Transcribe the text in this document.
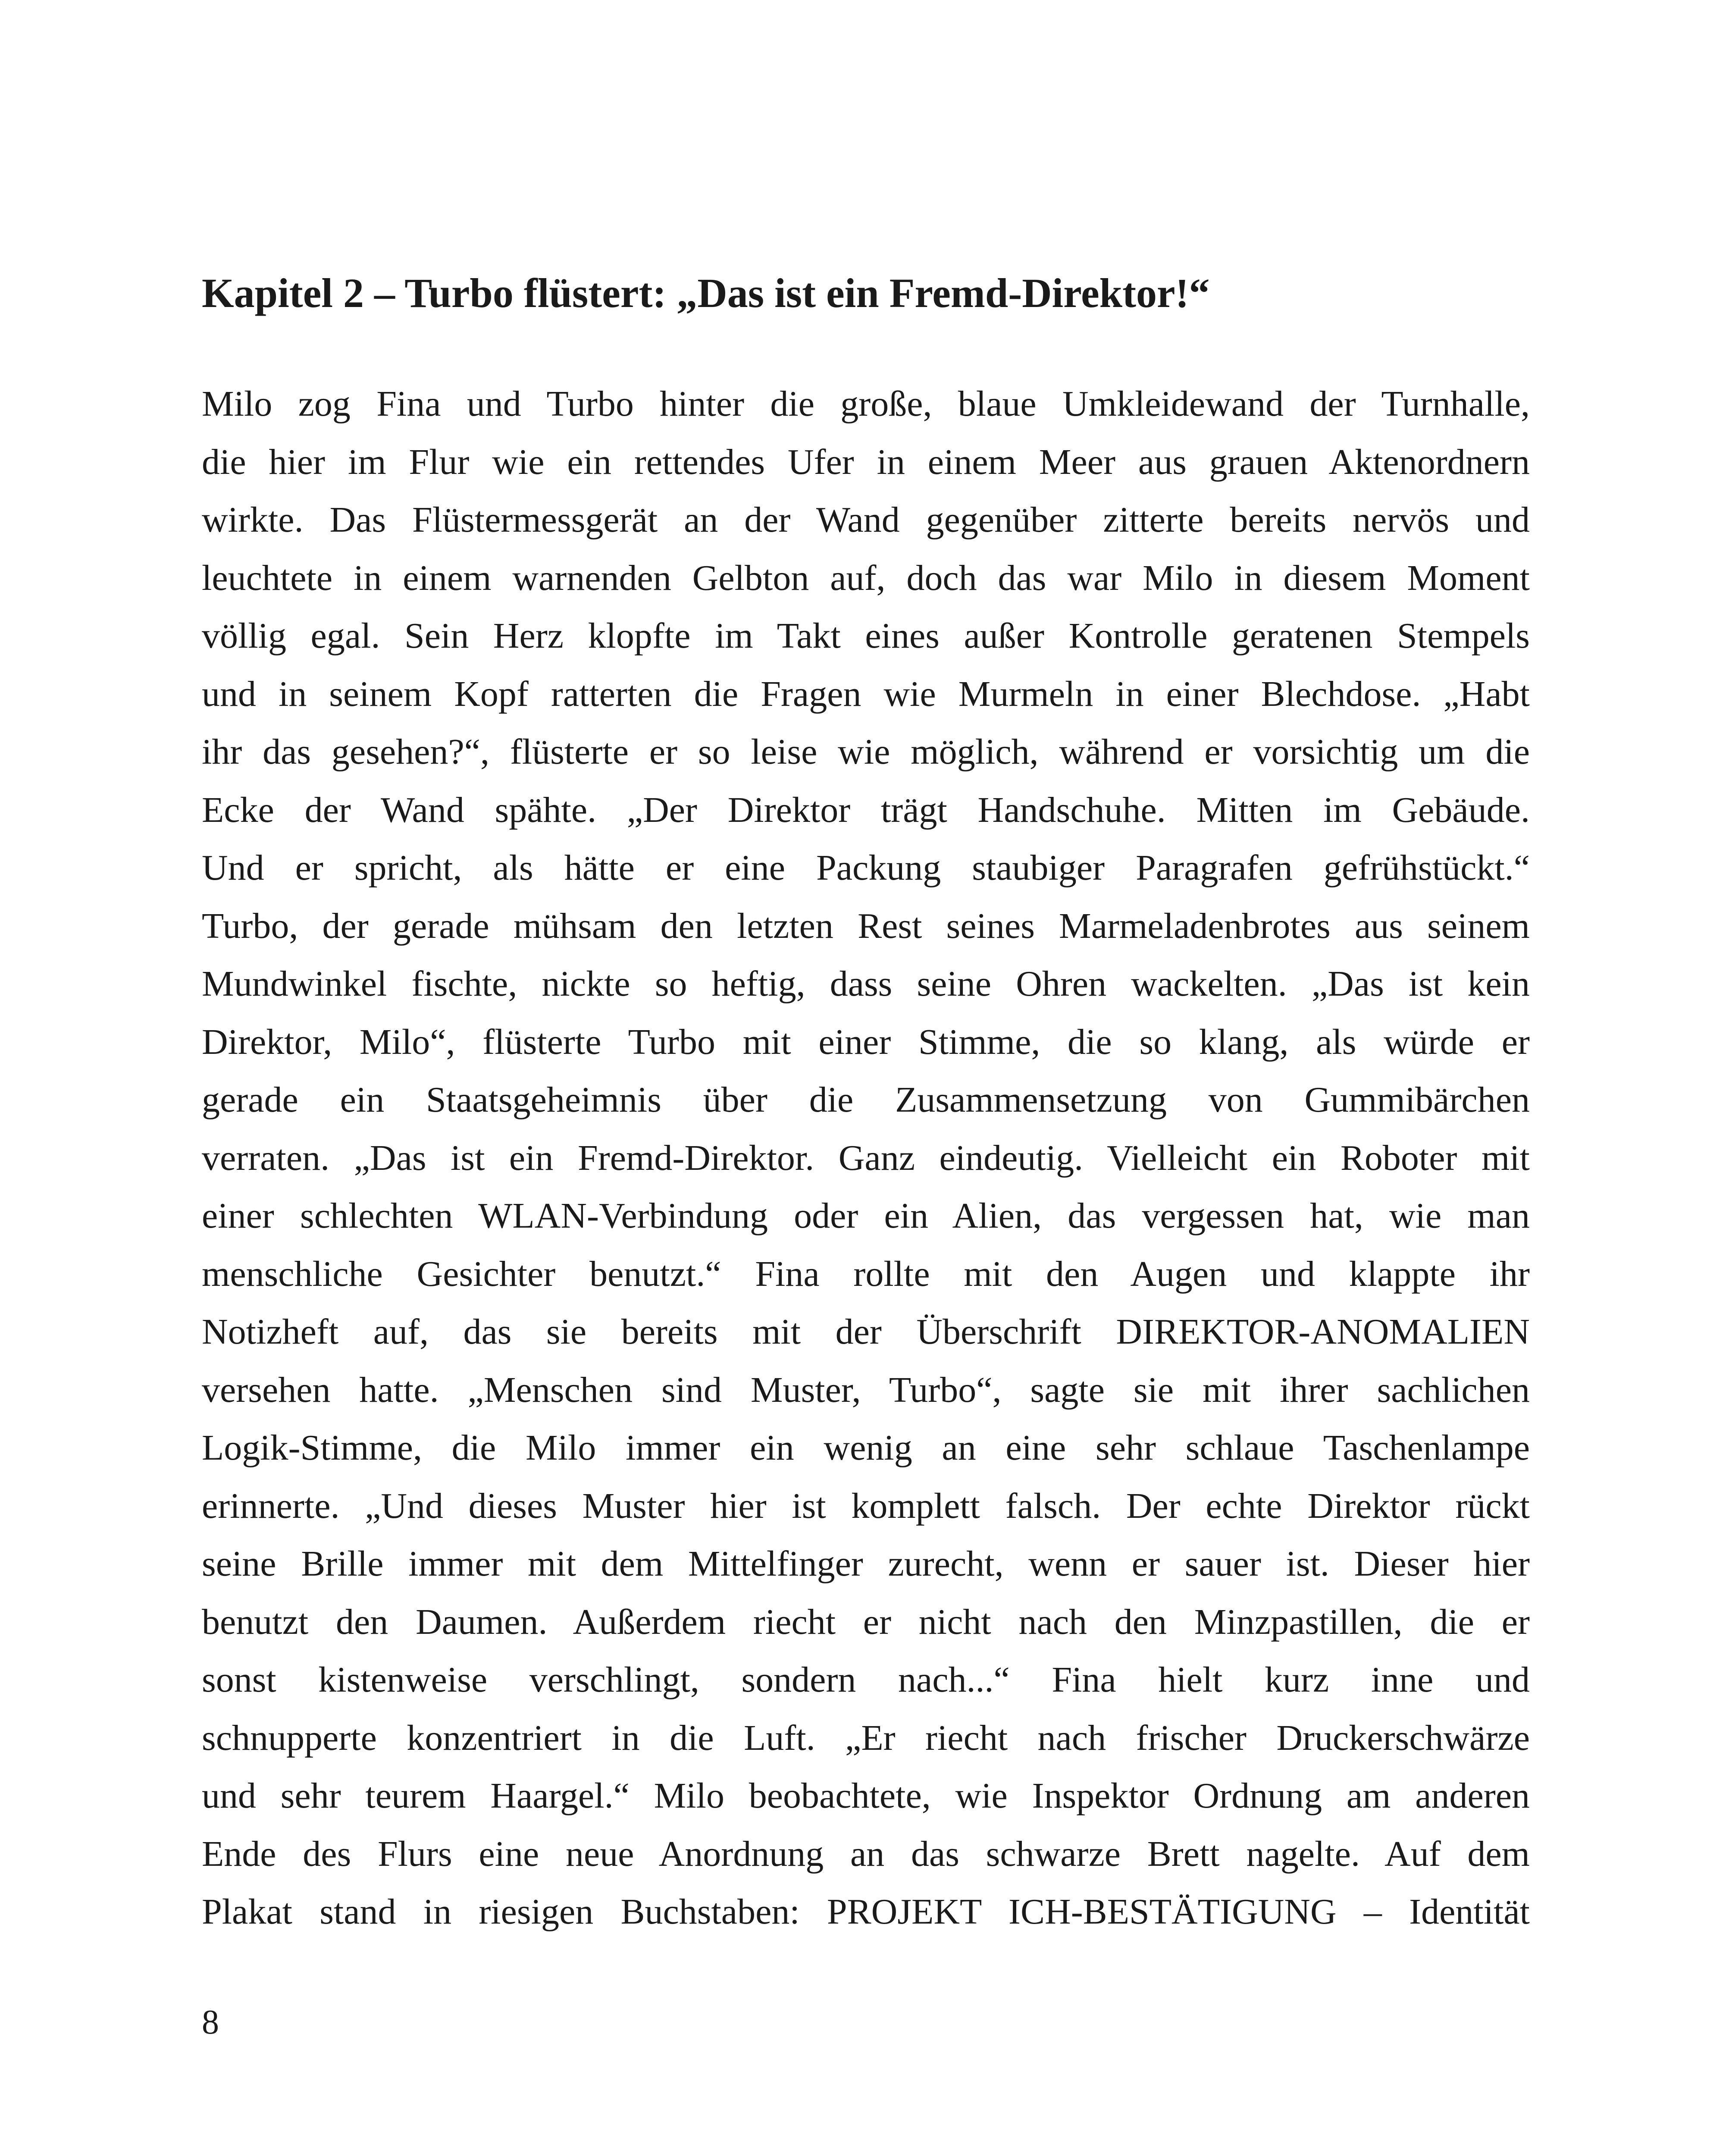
Kapitel 2 – Turbo flüstert: „Das ist ein Fremd-Direktor!“
Milo zog Fina und Turbo hinter die große, blaue Umkleidewand der Turnhalle,
die hier im Flur wie ein rettendes Ufer in einem Meer aus grauen Aktenordnern
wirkte. Das Flüstermessgerät an der Wand gegenüber zitterte bereits nervös und
leuchtete in einem warnenden Gelbton auf, doch das war Milo in diesem Moment
völlig egal. Sein Herz klopfte im Takt eines außer Kontrolle geratenen Stempels
und in seinem Kopf ratterten die Fragen wie Murmeln in einer Blechdose. „Habt
ihr das gesehen?“, flüsterte er so leise wie möglich, während er vorsichtig um die
Ecke der Wand spähte. „Der Direktor trägt Handschuhe. Mitten im Gebäude.
Und er spricht, als hätte er eine Packung staubiger Paragrafen gefrühstückt.“
Turbo, der gerade mühsam den letzten Rest seines Marmeladenbrotes aus seinem
Mundwinkel fischte, nickte so heftig, dass seine Ohren wackelten. „Das ist kein
Direktor, Milo“, flüsterte Turbo mit einer Stimme, die so klang, als würde er
gerade ein Staatsgeheimnis über die Zusammensetzung von Gummibärchen
verraten. „Das ist ein Fremd-Direktor. Ganz eindeutig. Vielleicht ein Roboter mit
einer schlechten WLAN-Verbindung oder ein Alien, das vergessen hat, wie man
menschliche Gesichter benutzt.“ Fina rollte mit den Augen und klappte ihr
Notizheft auf, das sie bereits mit der Überschrift DIREKTOR-ANOMALIEN
versehen hatte. „Menschen sind Muster, Turbo“, sagte sie mit ihrer sachlichen
Logik-Stimme, die Milo immer ein wenig an eine sehr schlaue Taschenlampe
erinnerte. „Und dieses Muster hier ist komplett falsch. Der echte Direktor rückt
seine Brille immer mit dem Mittelfinger zurecht, wenn er sauer ist. Dieser hier
benutzt den Daumen. Außerdem riecht er nicht nach den Minzpastillen, die er
sonst kistenweise verschlingt, sondern nach...“ Fina hielt kurz inne und
schnupperte konzentriert in die Luft. „Er riecht nach frischer Druckerschwärze
und sehr teurem Haargel.“ Milo beobachtete, wie Inspektor Ordnung am anderen
Ende des Flurs eine neue Anordnung an das schwarze Brett nagelte. Auf dem
Plakat stand in riesigen Buchstaben: PROJEKT ICH-BESTÄTIGUNG – Identität
8
